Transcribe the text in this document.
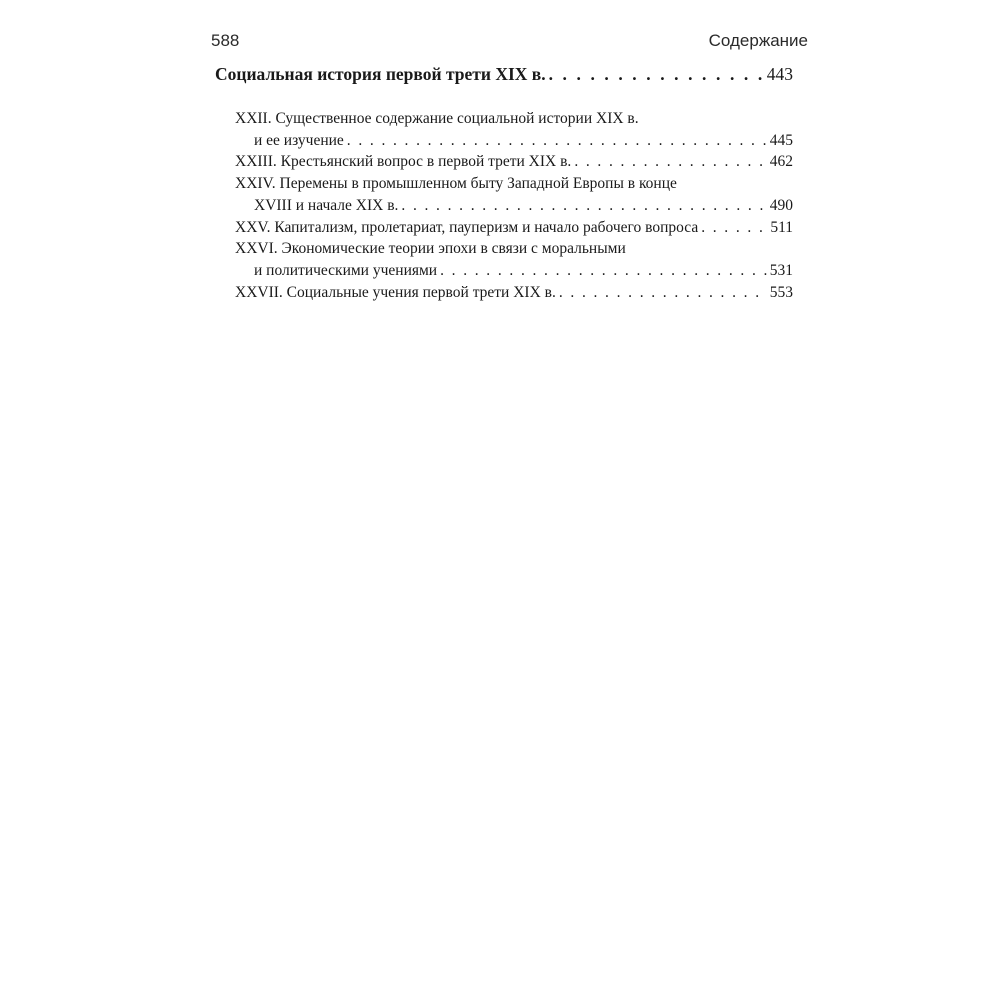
588	Содержание
Социальная история первой трети XIX в. . . .	443
XXII. Существенное содержание социальной истории XIX в.
и ее изучение . . .	445
XXIII. Крестьянский вопрос в первой трети XIX в. . . .	462
XXIV. Перемены в промышленном быту Западной Европы в конце
XVIII и начале XIX в. . . .	490
XXV. Капитализм, пролетариат, пауперизм и начало рабочего вопроса . . .	511
XXVI. Экономические теории эпохи в связи с моральными
и политическими учениями . . .	531
XXVII. Социальные учения первой трети XIX в. . . .	553
